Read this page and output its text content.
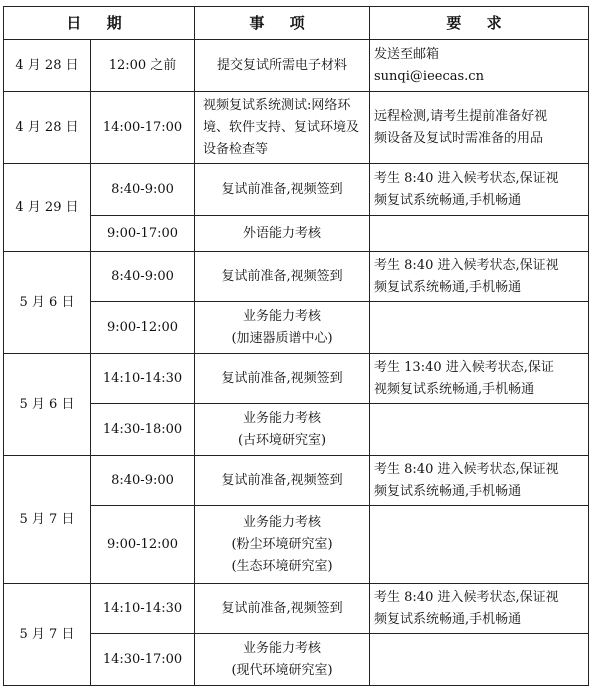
日 期		事 项	要 求
4 月 28 日	12:00 之前	提交复试所需电子材料	发送至邮箱
sunqi@ieecas.cn

4 月 28 日	14:00-17:00	视频复试系统测试:网络环
境、软件支持、复试环境及
设备检查等	远程检测,请考生提前准备好视
频设备及复试时需准备的用品

4 月 29 日	8:40-9:00	复试前准备,视频签到	考生 8:40 进入候考状态,保证视
频复试系统畅通,手机畅通

	9:00-17:00	外语能力考核	
5 月 6 日	8:40-9:00	复试前准备,视频签到	考生 8:40 进入候考状态,保证视
频复试系统畅通,手机畅通

	9:00-12:00	业务能力考核
(加速器质谱中心)	

5 月 6 日	14:10-14:30	复试前准备,视频签到	考生 13:40 进入候考状态,保证
视频复试系统畅通,手机畅通

	14:30-18:00	业务能力考核
(古环境研究室)	

5 月 7 日	8:40-9:00	复试前准备,视频签到	考生 8:40 进入候考状态,保证视
频复试系统畅通,手机畅通

	9:00-12:00	业务能力考核
(粉尘环境研究室)
(生态环境研究室)	

5 月 7 日	14:10-14:30	复试前准备,视频签到	考生 8:40 进入候考状态,保证视
频复试系统畅通,手机畅通

	14:30-17:00	业务能力考核
(现代环境研究室)	
